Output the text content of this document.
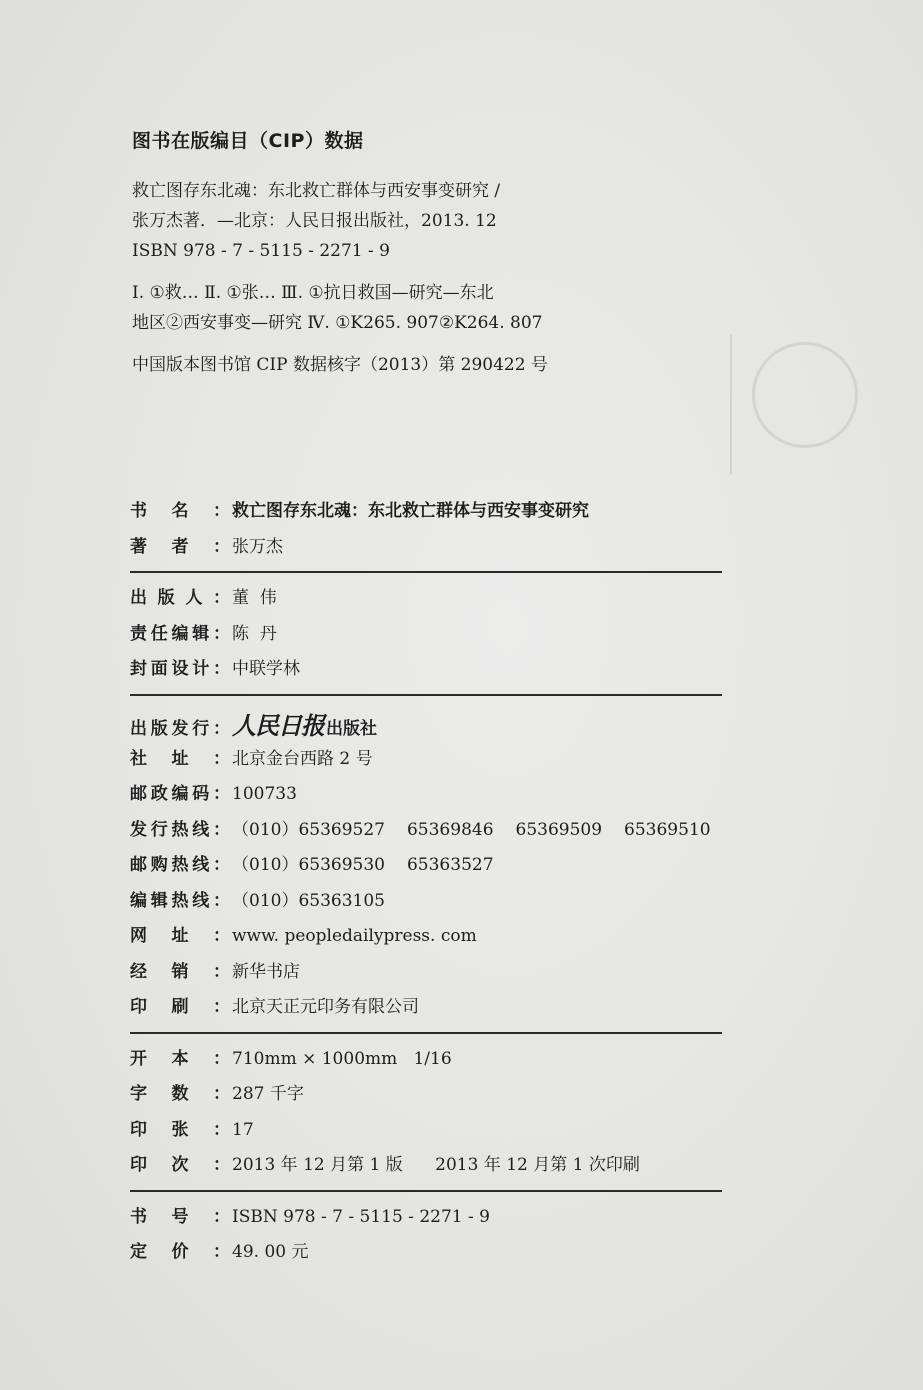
图书在版编目（CIP）数据
救亡图存东北魂：东北救亡群体与西安事变研究 /
张万杰著．—北京：人民日报出版社，2013. 12
ISBN 978 - 7 - 5115 - 2271 - 9
Ⅰ. ①救… Ⅱ. ①张… Ⅲ. ①抗日救国—研究—东北
地区②西安事变—研究 Ⅳ. ①K265. 907②K264. 807
中国版本图书馆 CIP 数据核字（2013）第 290422 号
书 名 ： 救亡图存东北魂：东北救亡群体与西安事变研究
著 者 ： 张万杰
出 版 人 ： 董  伟
责 任 编 辑 ： 陈  丹
封 面 设 计 ： 中联学林
出 版 发 行 ： 人民日报 出版社
社 址 ： 北京金台西路 2 号
邮 政 编 码 ： 100733
发 行 热 线 ： （010） 65369527 65369846 65369509 65369510
邮 购 热 线 ： （010） 65369530 65363527
编 辑 热 线 ： （010） 65363105
网 址 ： www. peopledailypress. com
经 销 ： 新华书店
印 刷 ： 北京天正元印务有限公司
开 本 ： 710mm × 1000mm   1/16
字 数 ： 287 千字
印 张 ： 17
印 次 ： 2013 年 12 月第 1 版      2013 年 12 月第 1 次印刷
书 号 ： ISBN 978 - 7 - 5115 - 2271 - 9
定 价 ： 49. 00 元
